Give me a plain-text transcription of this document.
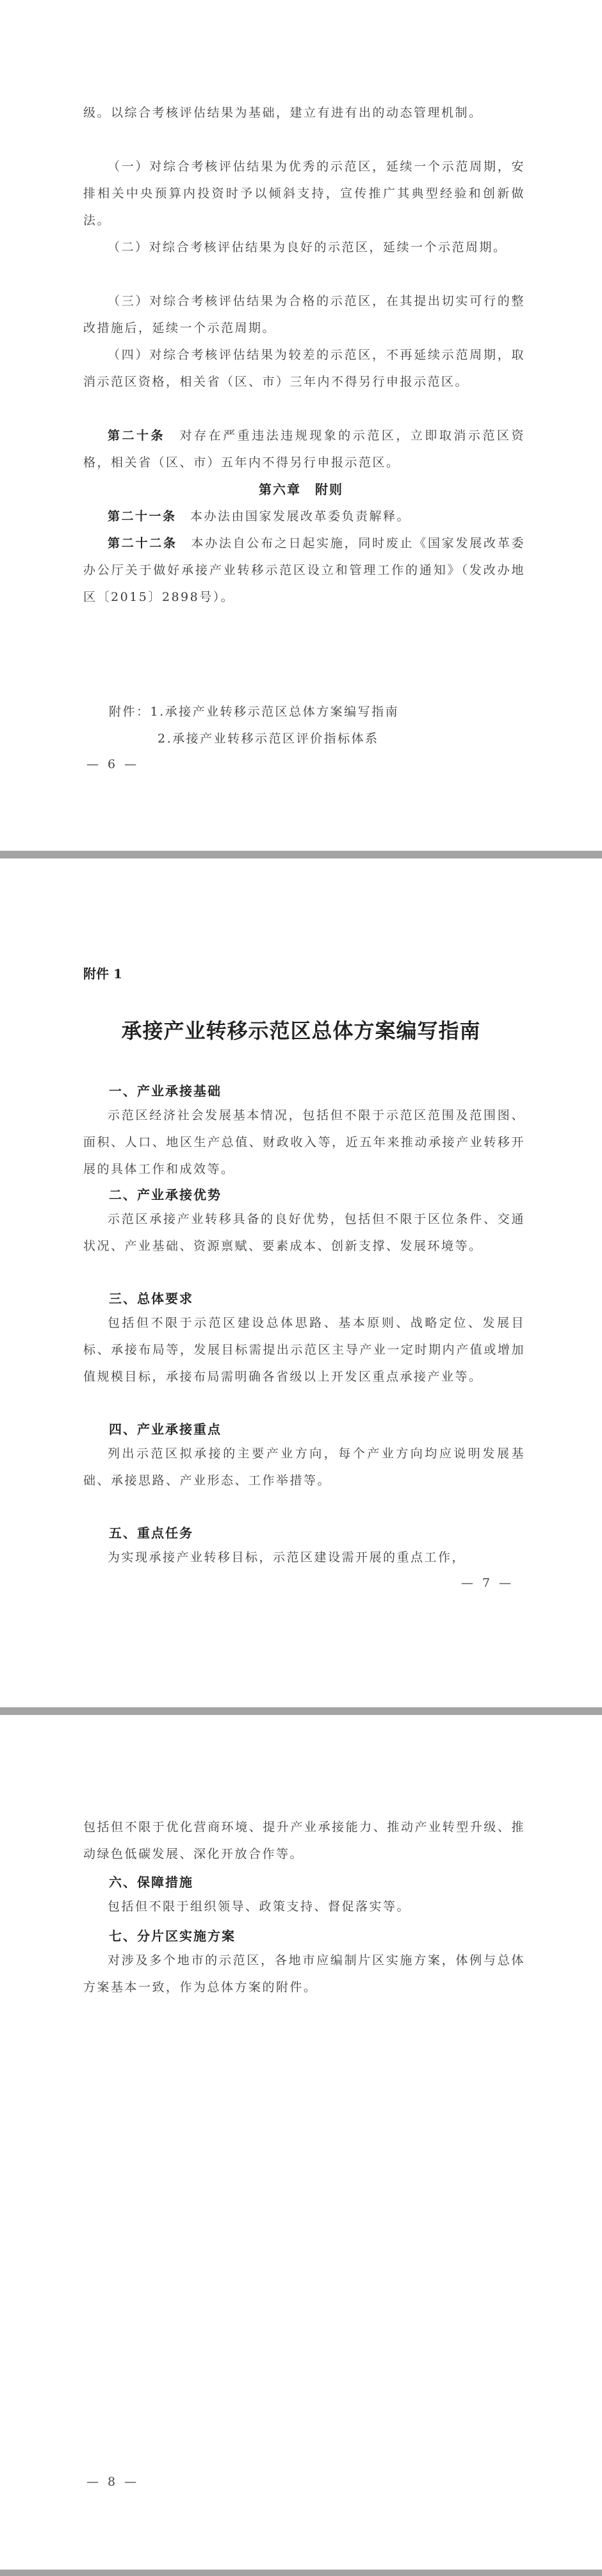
级。以综合考核评估结果为基础，建立有进有出的动态管理机制。

（一）对综合考核评估结果为优秀的示范区，延续一个示范周期，安排相关中央预算内投资时予以倾斜支持，宣传推广其典型经验和创新做法。

（二）对综合考核评估结果为良好的示范区，延续一个示范周期。

（三）对综合考核评估结果为合格的示范区，在其提出切实可行的整改措施后，延续一个示范周期。

（四）对综合考核评估结果为较差的示范区，不再延续示范周期，取消示范区资格，相关省（区、市）三年内不得另行申报示范区。

第二十条　 对存在严重违法违规现象的示范区，立即取消示范区资格，相关省（区、市）五年内不得另行申报示范区。

第六章　附则

第二十一条　 本办法由国家发展改革委负责解释。

第二十二条　 本办法自公布之日起实施，同时废止《国家发展改革委办公厅关于做好承接产业转移示范区设立和管理工作的通知》（发改办地区〔2015〕2898号）。

附件：1.承接产业转移示范区总体方案编写指南

2.承接产业转移示范区评价指标体系

— 6 —
附件 1
承接产业转移示范区总体方案编写指南
一、产业承接基础

示范区经济社会发展基本情况，包括但不限于示范区范围及范围图、面积、人口、地区生产总值、财政收入等，近五年来推动承接产业转移开展的具体工作和成效等。

二、产业承接优势

示范区承接产业转移具备的良好优势，包括但不限于区位条件、交通状况、产业基础、资源禀赋、要素成本、创新支撑、发展环境等。

三、总体要求

包括但不限于示范区建设总体思路、基本原则、战略定位、发展目标、承接布局等，发展目标需提出示范区主导产业一定时期内产值或增加值规模目标，承接布局需明确各省级以上开发区重点承接产业等。

四、产业承接重点

列出示范区拟承接的主要产业方向，每个产业方向均应说明发展基础、承接思路、产业形态、工作举措等。

五、重点任务

为实现承接产业转移目标，示范区建设需开展的重点工作，

— 7 —

包括但不限于优化营商环境、提升产业承接能力、推动产业转型升级、推动绿色低碳发展、深化开放合作等。

六、保障措施

包括但不限于组织领导、政策支持、督促落实等。

七、分片区实施方案

对涉及多个地市的示范区，各地市应编制片区实施方案，体例与总体方案基本一致，作为总体方案的附件。

— 8 —
